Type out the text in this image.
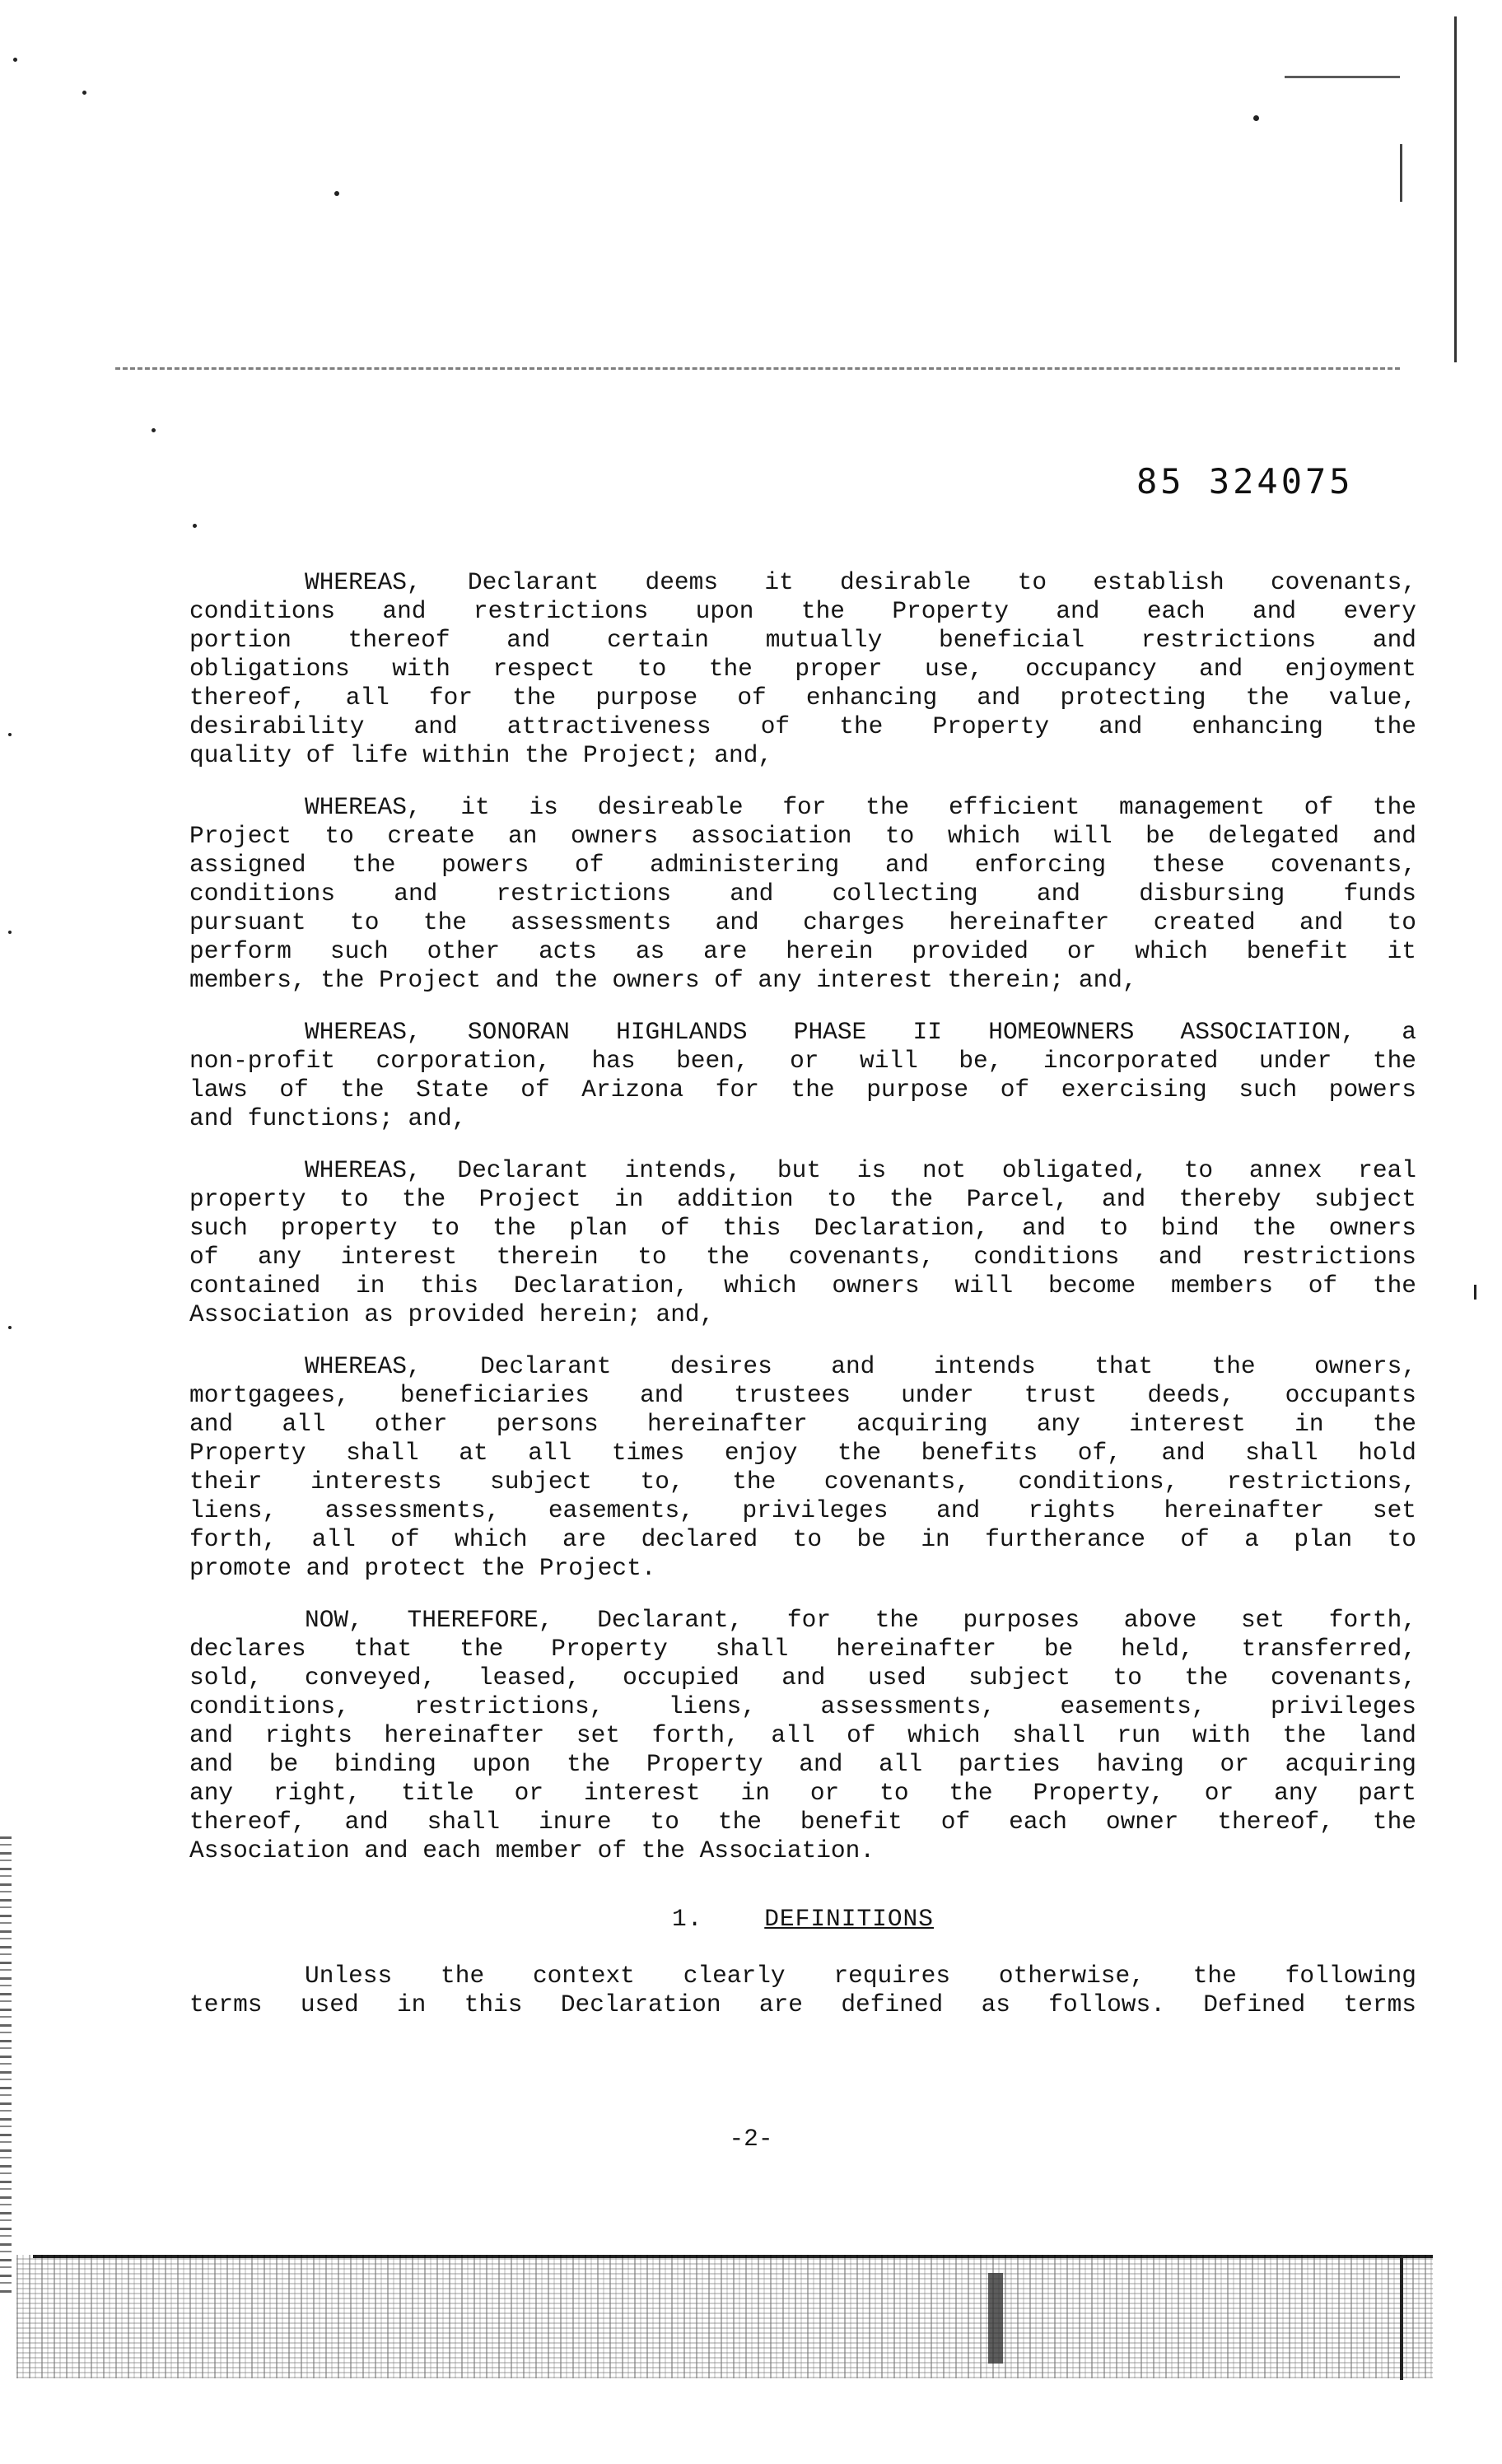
85 324075
WHEREAS, Declarant deems it desirable to establish covenants,
conditions and restrictions upon the Property and each and every
portion thereof and certain mutually beneficial restrictions and
obligations with respect to the proper use, occupancy and enjoyment
thereof, all for the purpose of enhancing and protecting the value,
desirability and attractiveness of the Property and enhancing the
quality of life within the Project; and,
WHEREAS, it is desireable for the efficient management of the
Project to create an owners association to which will be delegated and
assigned the powers of administering and enforcing these covenants,
conditions and restrictions and collecting and disbursing funds
pursuant to the assessments and charges hereinafter created and to
perform such other acts as are herein provided or which benefit it
members, the Project and the owners of any interest therein; and,
WHEREAS, SONORAN HIGHLANDS PHASE II HOMEOWNERS ASSOCIATION, a
non-profit corporation, has been, or will be, incorporated under the
laws of the State of Arizona for the purpose of exercising such powers
and functions; and,
WHEREAS, Declarant intends, but is not obligated, to annex real
property to the Project in addition to the Parcel, and thereby subject
such property to the plan of this Declaration, and to bind the owners
of any interest therein to the covenants, conditions and restrictions
contained in this Declaration, which owners will become members of the
Association as provided herein; and,
WHEREAS, Declarant desires and intends that the owners,
mortgagees, beneficiaries and trustees under trust deeds, occupants
and all other persons hereinafter acquiring any interest in the
Property shall at all times enjoy the benefits of, and shall hold
their interests subject to, the covenants, conditions, restrictions,
liens, assessments, easements, privileges and rights hereinafter set
forth, all of which are declared to be in furtherance of a plan to
promote and protect the Project.
NOW, THEREFORE, Declarant, for the purposes above set forth,
declares that the Property shall hereinafter be held, transferred,
sold, conveyed, leased, occupied and used subject to the covenants,
conditions, restrictions, liens, assessments, easements, privileges
and rights hereinafter set forth, all of which shall run with the land
and be binding upon the Property and all parties having or acquiring
any right, title or interest in or to the Property, or any part
thereof, and shall inure to the benefit of each owner thereof, the
Association and each member of the Association.
1.	DEFINITIONS
Unless the context clearly requires otherwise, the following
terms used in this Declaration are defined as follows. Defined terms
-2-
